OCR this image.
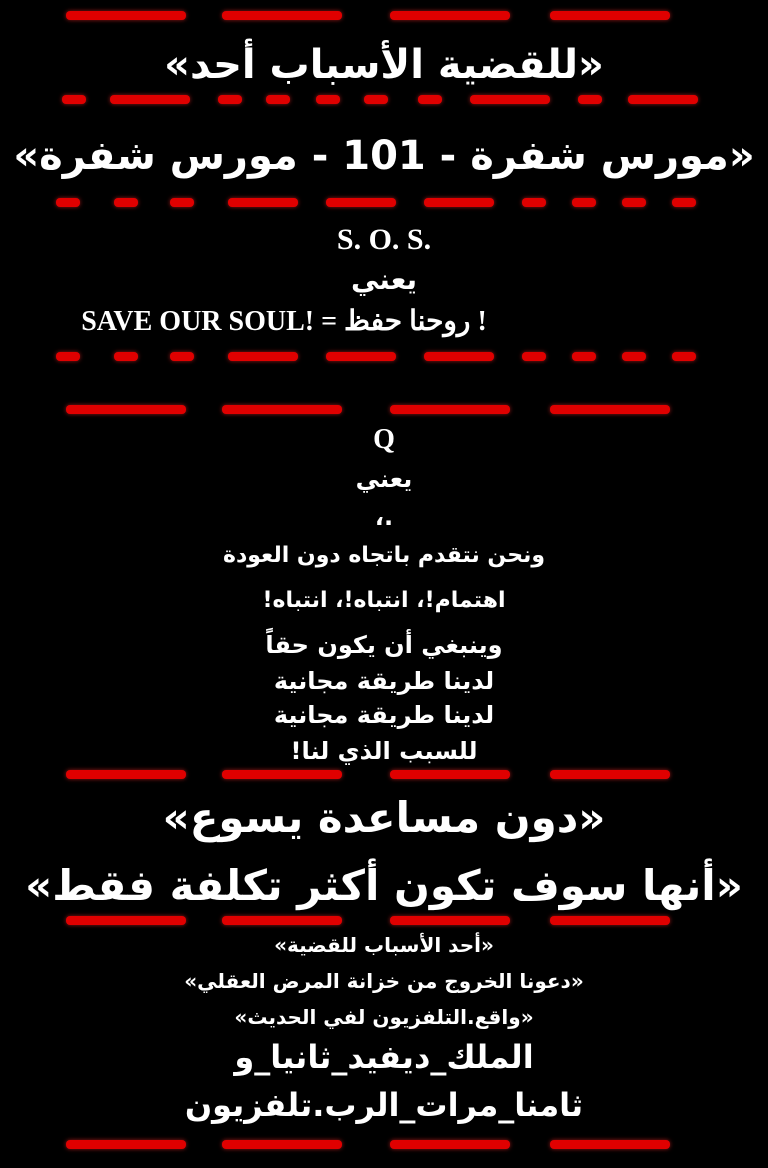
«للقضية الأسباب أحد»
«مورس شفرة - 101 - مورس شفرة»
S. O. S.
يعني
SAVE OUR SOUL! = روحنا حفظ !
Q
يعني
،.
ونحن نتقدم باتجاه دون العودة
!اهتمام!، انتباه!، انتباه
وينبغي أن يكون حقاً
لدينا طريقة مجانية
لدينا طريقة مجانية
!للسبب الذي لنا
«دون مساعدة يسوع»
«أنها سوف تكون أكثر تكلفة فقط»
«أحد الأسباب للقضية»
«دعونا الخروج من خزانة المرض العقلي»
«واقع.التلفزيون لفي الحديث»
الملك_ديفيد_ثانيا_و
ثامنا_مرات_الرب.تلفزيون
